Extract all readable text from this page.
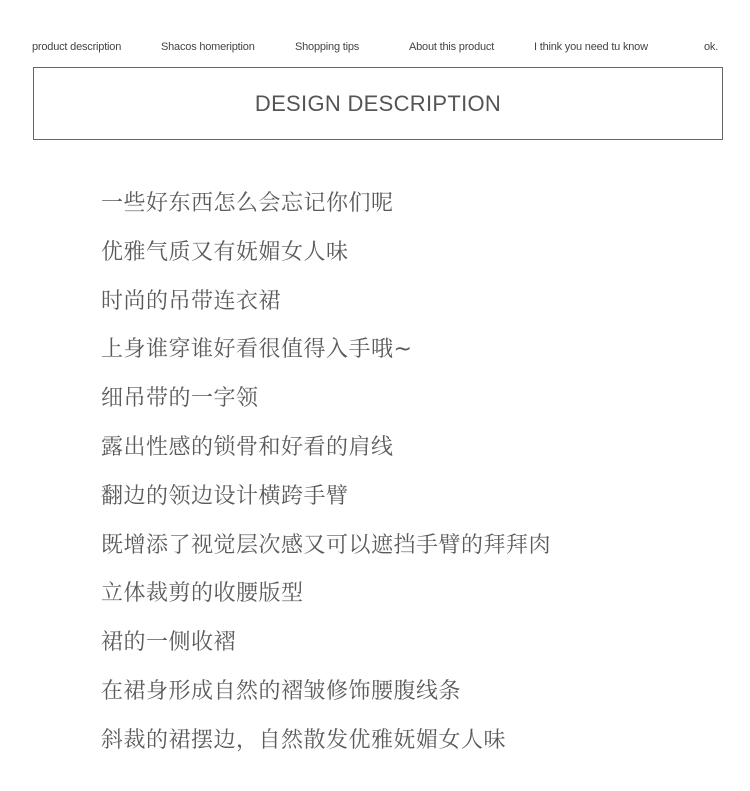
product description	Shacos homeription	Shopping tips	About this product	I think you need tu know	ok.
DESIGN DESCRIPTION
一些好东西怎么会忘记你们呢
优雅气质又有妩媚女人味
时尚的吊带连衣裙
上身谁穿谁好看很值得入手哦~
细吊带的一字领
露出性感的锁骨和好看的肩线
翻边的领边设计横跨手臂
既增添了视觉层次感又可以遮挡手臂的拜拜肉
立体裁剪的收腰版型
裙的一侧收褶
在裙身形成自然的褶皱修饰腰腹线条
斜裁的裙摆边，自然散发优雅妩媚女人味
